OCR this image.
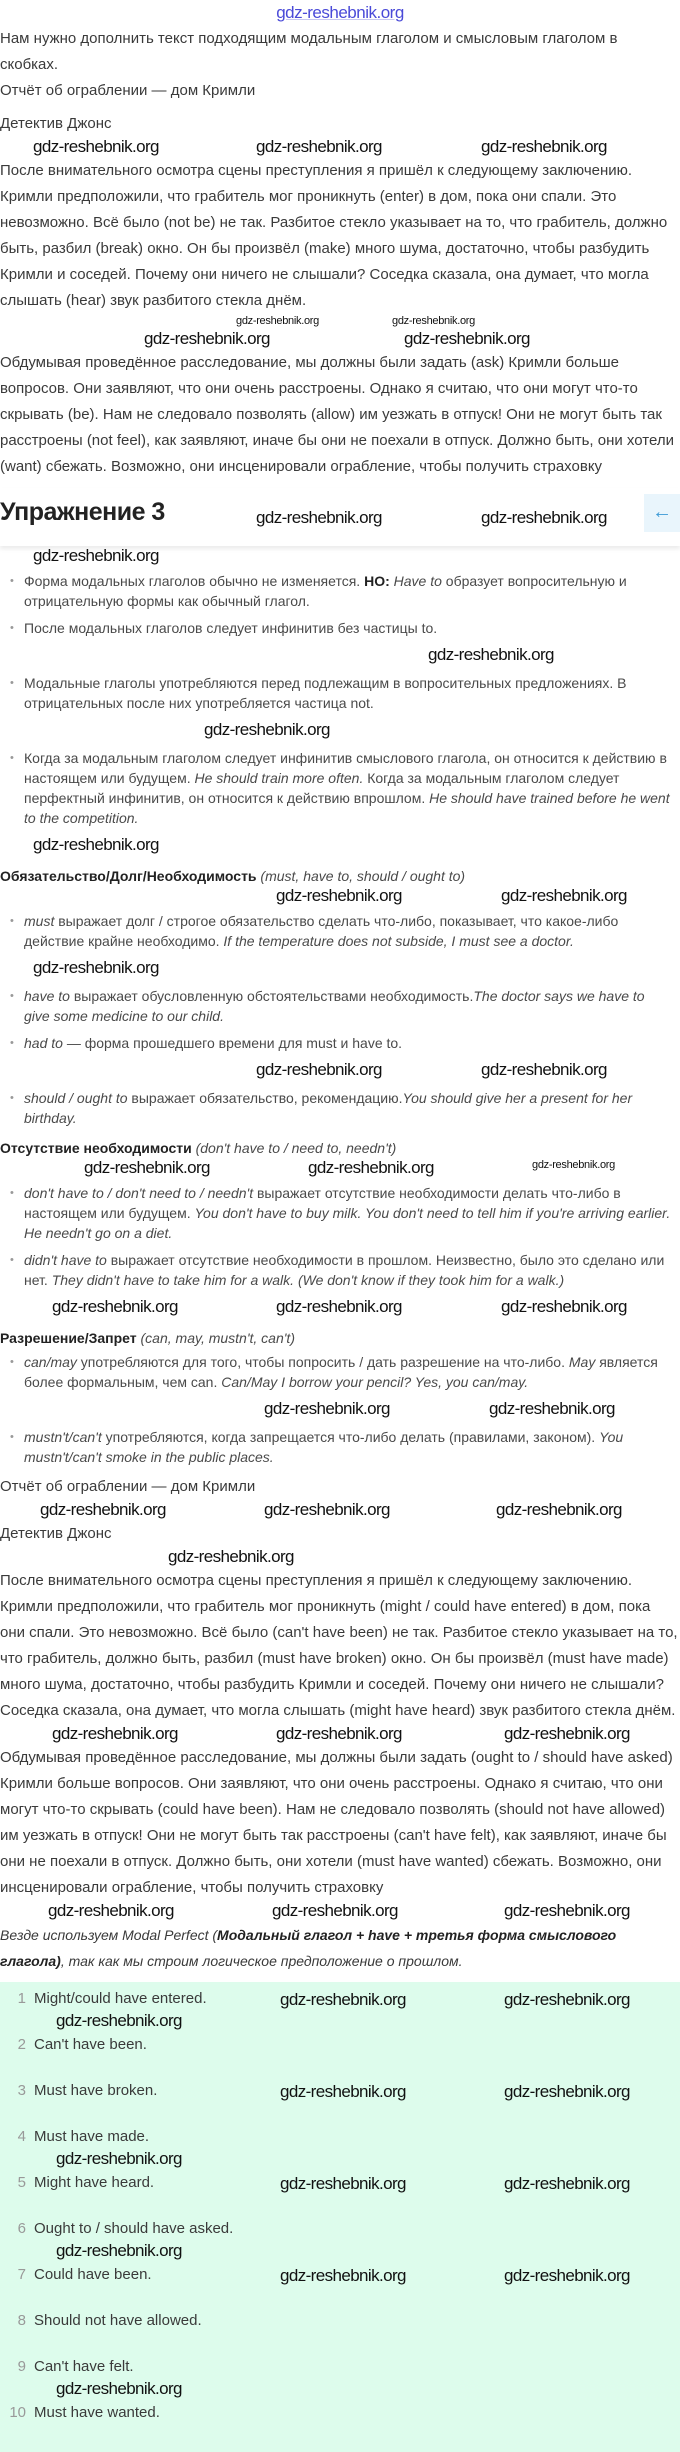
gdz-reshebnik.org

Нам нужно дополнить текст подходящим модальным глаголом и смысловым глаголом в скобках.

Отчёт об ограблении — дом Кримли

Детектив Джонс

gdz-reshebnik.org	gdz-reshebnik.org	gdz-reshebnik.org

После внимательного осмотра сцены преступления я пришёл к следующему заключению. Кримли предположили, что грабитель мог проникнуть (enter) в дом, пока они спали. Это невозможно. Всё было (not be) не так. Разбитое стекло указывает на то, что грабитель, должно быть, разбил (break) окно. Он бы произвёл (make) много шума, достаточно, чтобы разбудить Кримли и соседей. Почему они ничего не слышали? Соседка сказала, она думает, что могла слышать (hear) звук разбитого стекла днём.

gdz-reshebnik.org	gdz-reshebnik.org
gdz-reshebnik.org	gdz-reshebnik.org

Обдумывая проведённое расследование, мы должны были задать (ask) Кримли больше вопросов. Они заявляют, что они очень расстроены. Однако я считаю, что они могут что-то скрывать (be). Нам не следовало позволять (allow) им уезжать в отпуск! Они не могут быть так расстроены (not feel), как заявляют, иначе бы они не поехали в отпуск. Должно быть, они хотели (want) сбежать. Возможно, они инсценировали ограбление, чтобы получить страховку

Упражнение 3	←
gdz-reshebnik.org	gdz-reshebnik.org
gdz-reshebnik.org
• Форма модальных глаголов обычно не изменяется. НО: Have to образует вопросительную и отрицательную формы как обычный глагол.
• После модальных глаголов следует инфинитив без частицы to.
gdz-reshebnik.org
• Модальные глаголы употребляются перед подлежащим в вопросительных предложениях. В отрицательных после них употребляется частица not.
gdz-reshebnik.org
• Когда за модальным глаголом следует инфинитив смыслового глагола, он относится к действию в настоящем или будущем. He should train more often. Когда за модальным глаголом следует перфектный инфинитив, он относится к действию впрошлом. He should have trained before he went to the competition.
gdz-reshebnik.org
Обязательство/Долг/Необходимость (must, have to, should / ought to)
gdz-reshebnik.org	gdz-reshebnik.org
• must выражает долг / строгое обязательство сделать что-либо, показывает, что какое-либо действие крайне необходимо. If the temperature does not subside, I must see a doctor.
gdz-reshebnik.org
• have to выражает обусловленную обстоятельствами необходимость.The doctor says we have to give some medicine to our child.
• had to — форма прошедшего времени для must и have to.
gdz-reshebnik.org	gdz-reshebnik.org
• should / ought to выражает обязательство, рекомендацию.You should give her a present for her birthday.
Отсутствие необходимости (don't have to / need to, needn't)
gdz-reshebnik.org	gdz-reshebnik.org	gdz-reshebnik.org
• don't have to / don't need to / needn't выражает отсутствие необходимости делать что-либо в настоящем или будущем. You don't have to buy milk. You don't need to tell him if you're arriving earlier. He needn't go on a diet.
• didn't have to выражает отсутствие необходимости в прошлом. Неизвестно, было это сделано или нет. They didn't have to take him for a walk. (We don't know if they took him for a walk.)
gdz-reshebnik.org	gdz-reshebnik.org	gdz-reshebnik.org
Разрешение/Запрет (can, may, mustn't, can't)
• can/may употребляются для того, чтобы попросить / дать разрешение на что-либо. May является более формальным, чем can. Can/May I borrow your pencil? Yes, you can/may.
gdz-reshebnik.org	gdz-reshebnik.org
• mustn't/can't употребляются, когда запрещается что-либо делать (правилами, законом). You mustn't/can't smoke in the public places.

Отчёт об ограблении — дом Кримли

gdz-reshebnik.org	gdz-reshebnik.org	gdz-reshebnik.org

Детектив Джонс

gdz-reshebnik.org

После внимательного осмотра сцены преступления я пришёл к следующему заключению. Кримли предположили, что грабитель мог проникнуть (might / could have entered) в дом, пока они спали. Это невозможно. Всё было (can't have been) не так. Разбитое стекло указывает на то, что грабитель, должно быть, разбил (must have broken) окно. Он бы произвёл (must have made) много шума, достаточно, чтобы разбудить Кримли и соседей. Почему они ничего не слышали? Соседка сказала, она думает, что могла слышать (might have heard) звук разбитого стекла днём.

gdz-reshebnik.org	gdz-reshebnik.org	gdz-reshebnik.org

Обдумывая проведённое расследование, мы должны были задать (ought to / should have asked) Кримли больше вопросов. Они заявляют, что они очень расстроены. Однако я считаю, что они могут что-то скрывать (could have been). Нам не следовало позволять (should not have allowed) им уезжать в отпуск! Они не могут быть так расстроены (can't have felt), как заявляют, иначе бы они не поехали в отпуск. Должно быть, они хотели (must have wanted) сбежать. Возможно, они инсценировали ограбление, чтобы получить страховку

gdz-reshebnik.org	gdz-reshebnik.org	gdz-reshebnik.org

Везде используем Modal Perfect (Модальный глагол + have + третья форма смыслового глагола), так как мы строим логическое предположение о прошлом.

1 Might/could have entered.	gdz-reshebnik.org	gdz-reshebnik.org
gdz-reshebnik.org
2 Can't have been.
3 Must have broken.	gdz-reshebnik.org	gdz-reshebnik.org
4 Must have made.
gdz-reshebnik.org
5 Might have heard.	gdz-reshebnik.org	gdz-reshebnik.org
6 Ought to / should have asked.
gdz-reshebnik.org
7 Could have been.	gdz-reshebnik.org	gdz-reshebnik.org
8 Should not have allowed.
9 Can't have felt.
gdz-reshebnik.org
10 Must have wanted.
